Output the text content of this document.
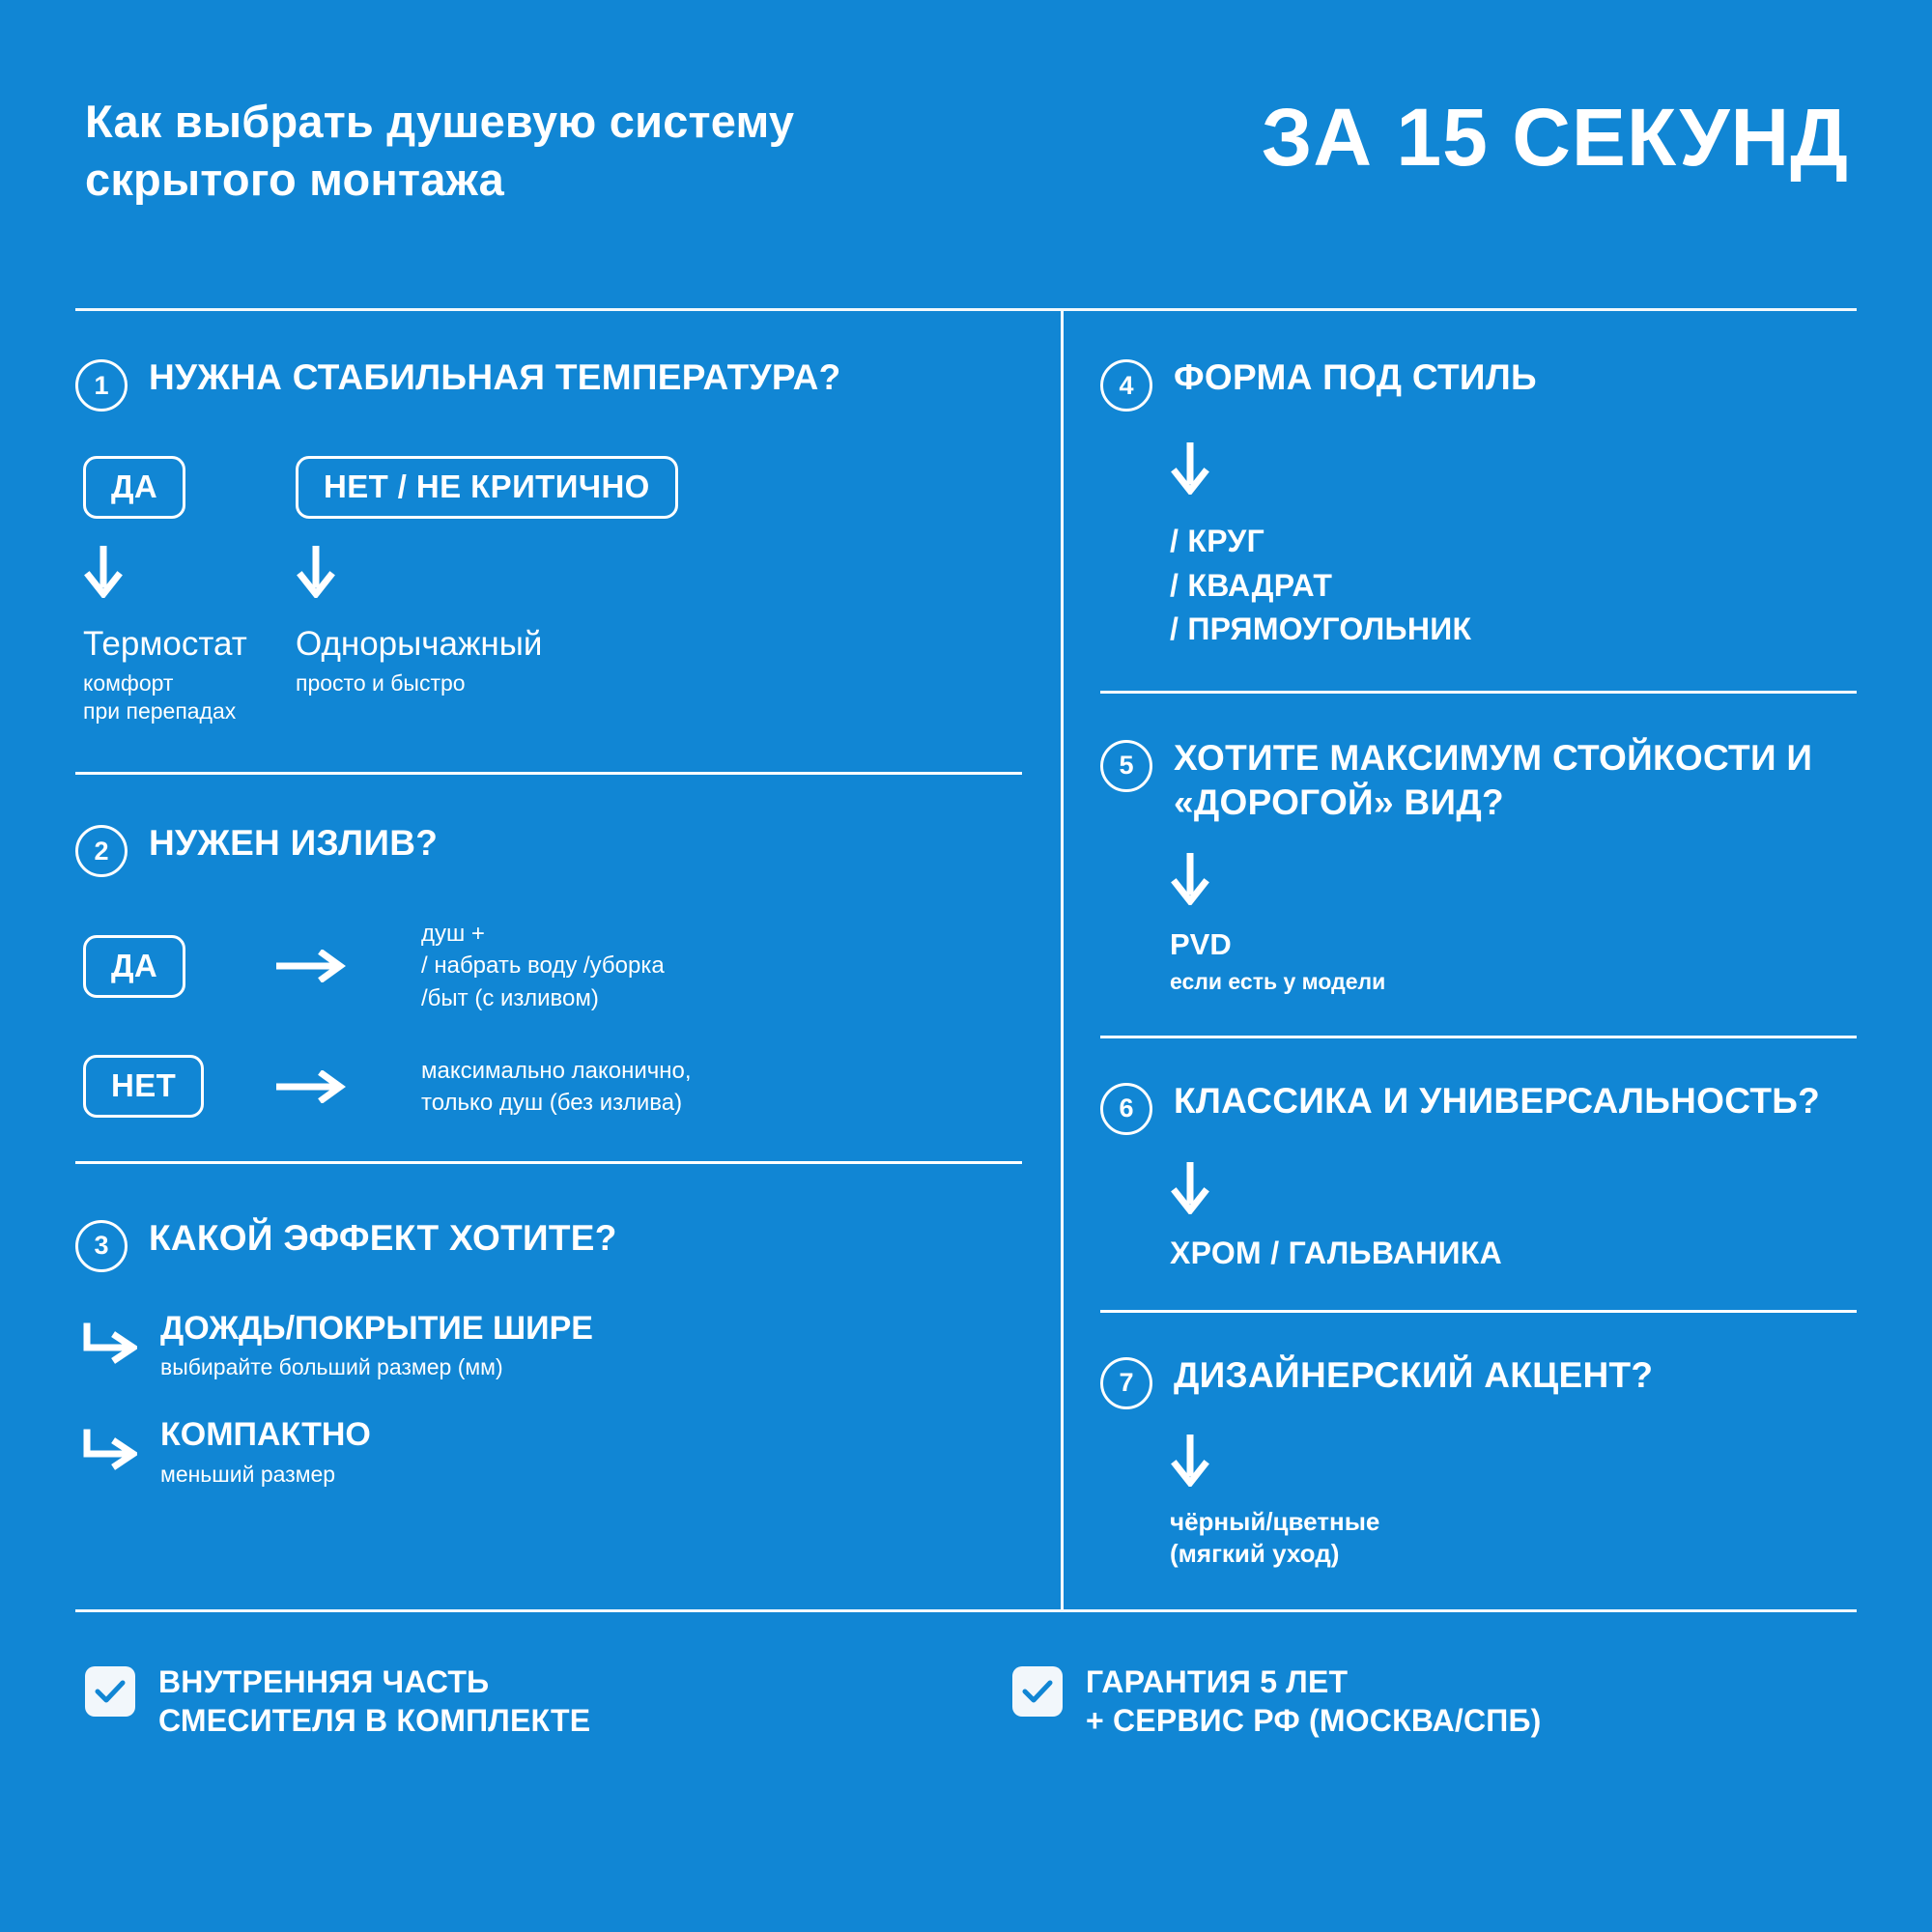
Как выбрать душевую систему
скрытого монтажа	ЗА 15 СЕКУНД
1	НУЖНА СТАБИЛЬНАЯ ТЕМПЕРАТУРА?
ДА
Термостат
комфорт
при перепадах
НЕТ / НЕ КРИТИЧНО
Однорычажный
просто и быстро
2	НУЖЕН ИЗЛИВ?
ДА
душ +
/ набрать воду /уборка
/быт (с изливом)
НЕТ	максимально лаконично,
только душ (без излива)
3	КАКОЙ ЭФФЕКТ ХОТИТЕ?
ДОЖДЬ/ПОКРЫТИЕ ШИРЕ
выбирайте больший размер (мм)
КОМПАКТНО
меньший размер
4	ФОРМА ПОД СТИЛЬ
/ КРУГ
/ КВАДРАТ
/ ПРЯМОУГОЛЬНИК
5	ХОТИТЕ МАКСИМУМ СТОЙКОСТИ И «ДОРОГОЙ» ВИД?
PVD
если есть у модели
6	КЛАССИКА И УНИВЕРСАЛЬНОСТЬ?
ХРОМ / ГАЛЬВАНИКА
7	ДИЗАЙНЕРСКИЙ АКЦЕНТ?
чёрный/цветные
(мягкий уход)
ВНУТРЕННЯЯ ЧАСТЬ
СМЕСИТЕЛЯ В КОМПЛЕКТЕ
ГАРАНТИЯ 5 ЛЕТ
+ СЕРВИС РФ (МОСКВА/СПБ)
